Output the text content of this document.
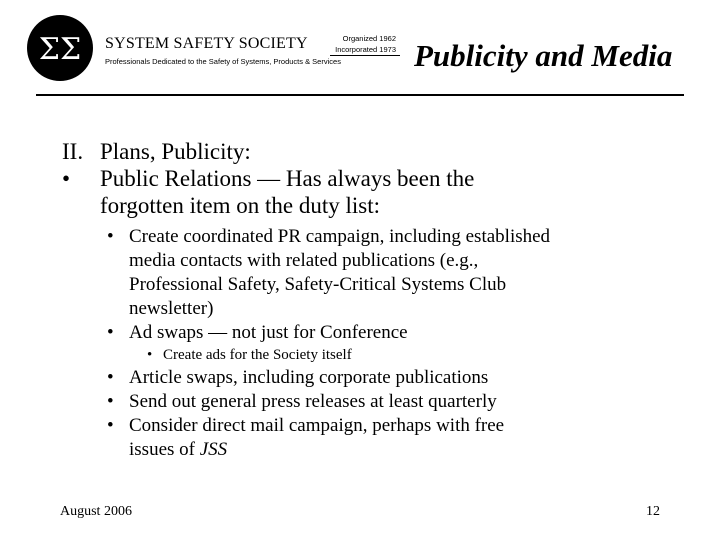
ΣΣ SYSTEM SAFETY SOCIETY
Professionals Dedicated to the Safety of Systems, Products & Services
Organized 1962
Incorporated 1973 Publicity and Media
II. Plans, Publicity:
• Public Relations — Has always been the
forgotten item on the duty list:
• Create coordinated PR campaign, including established
media contacts with related publications (e.g.,
Professional Safety, Safety-Critical Systems Club
newsletter)
• Ad swaps — not just for Conference
• Create ads for the Society itself
• Article swaps, including corporate publications
• Send out general press releases at least quarterly
• Consider direct mail campaign, perhaps with free
issues of JSS
August 2006	12
